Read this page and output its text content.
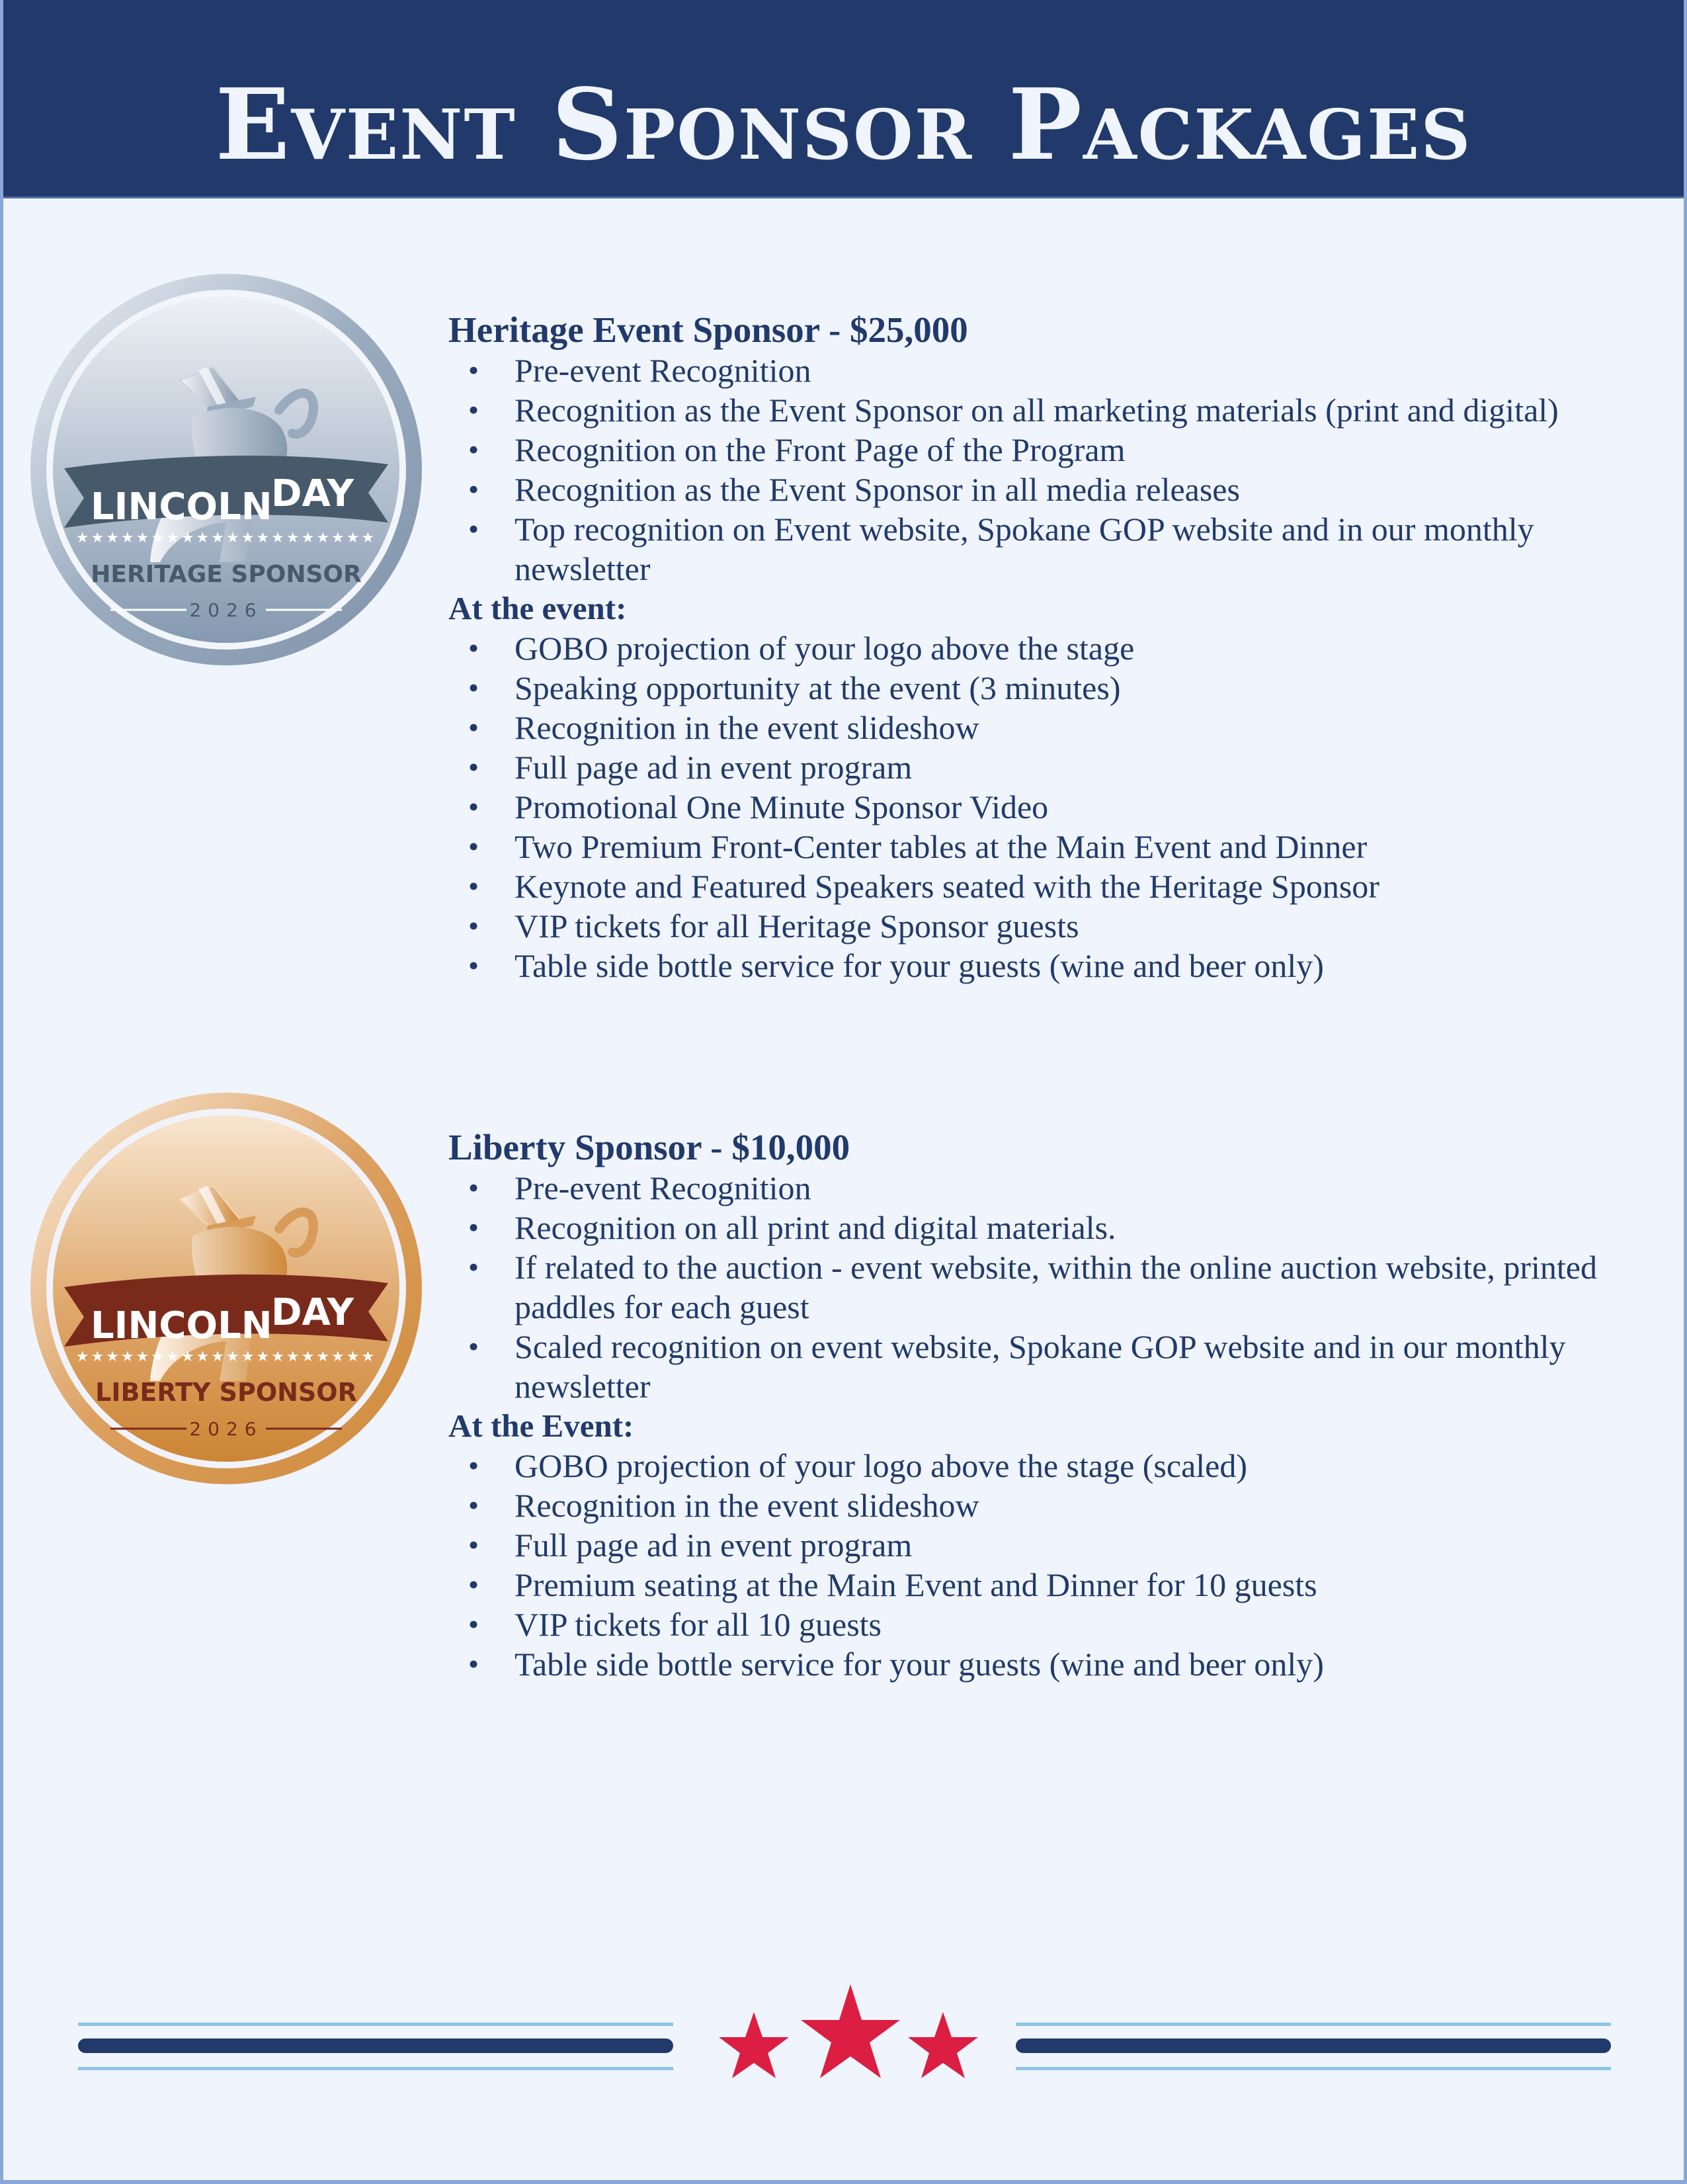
Event Sponsor Packages
LINCOLN
DAY
★★★★★★★★★★★★★★★★★★★★
HERITAGE SPONSOR
2026
Heritage Event Sponsor - $25,000
• Pre-event Recognition
• Recognition as the Event Sponsor on all marketing materials (print and digital)
• Recognition on the Front Page of the Program
• Recognition as the Event Sponsor in all media releases
• Top recognition on Event website, Spokane GOP website and in our monthly newsletter
At the event:
• GOBO projection of your logo above the stage
• Speaking opportunity at the event (3 minutes)
• Recognition in the event slideshow
• Full page ad in event program
• Promotional One Minute Sponsor Video
• Two Premium Front-Center tables at the Main Event and Dinner
• Keynote and Featured Speakers seated with the Heritage Sponsor
• VIP tickets for all Heritage Sponsor guests
• Table side bottle service for your guests (wine and beer only)
LINCOLN
DAY
★★★★★★★★★★★★★★★★★★★★
LIBERTY SPONSOR
2026
Liberty Sponsor - $10,000
• Pre-event Recognition
• Recognition on all print and digital materials.
• If related to the auction - event website, within the online auction website, printed paddles for each guest
• Scaled recognition on event website, Spokane GOP website and in our monthly newsletter
At the Event:
• GOBO projection of your logo above the stage (scaled)
• Recognition in the event slideshow
• Full page ad in event program
• Premium seating at the Main Event and Dinner for 10 guests
• VIP tickets for all 10 guests
• Table side bottle service for your guests (wine and beer only)
